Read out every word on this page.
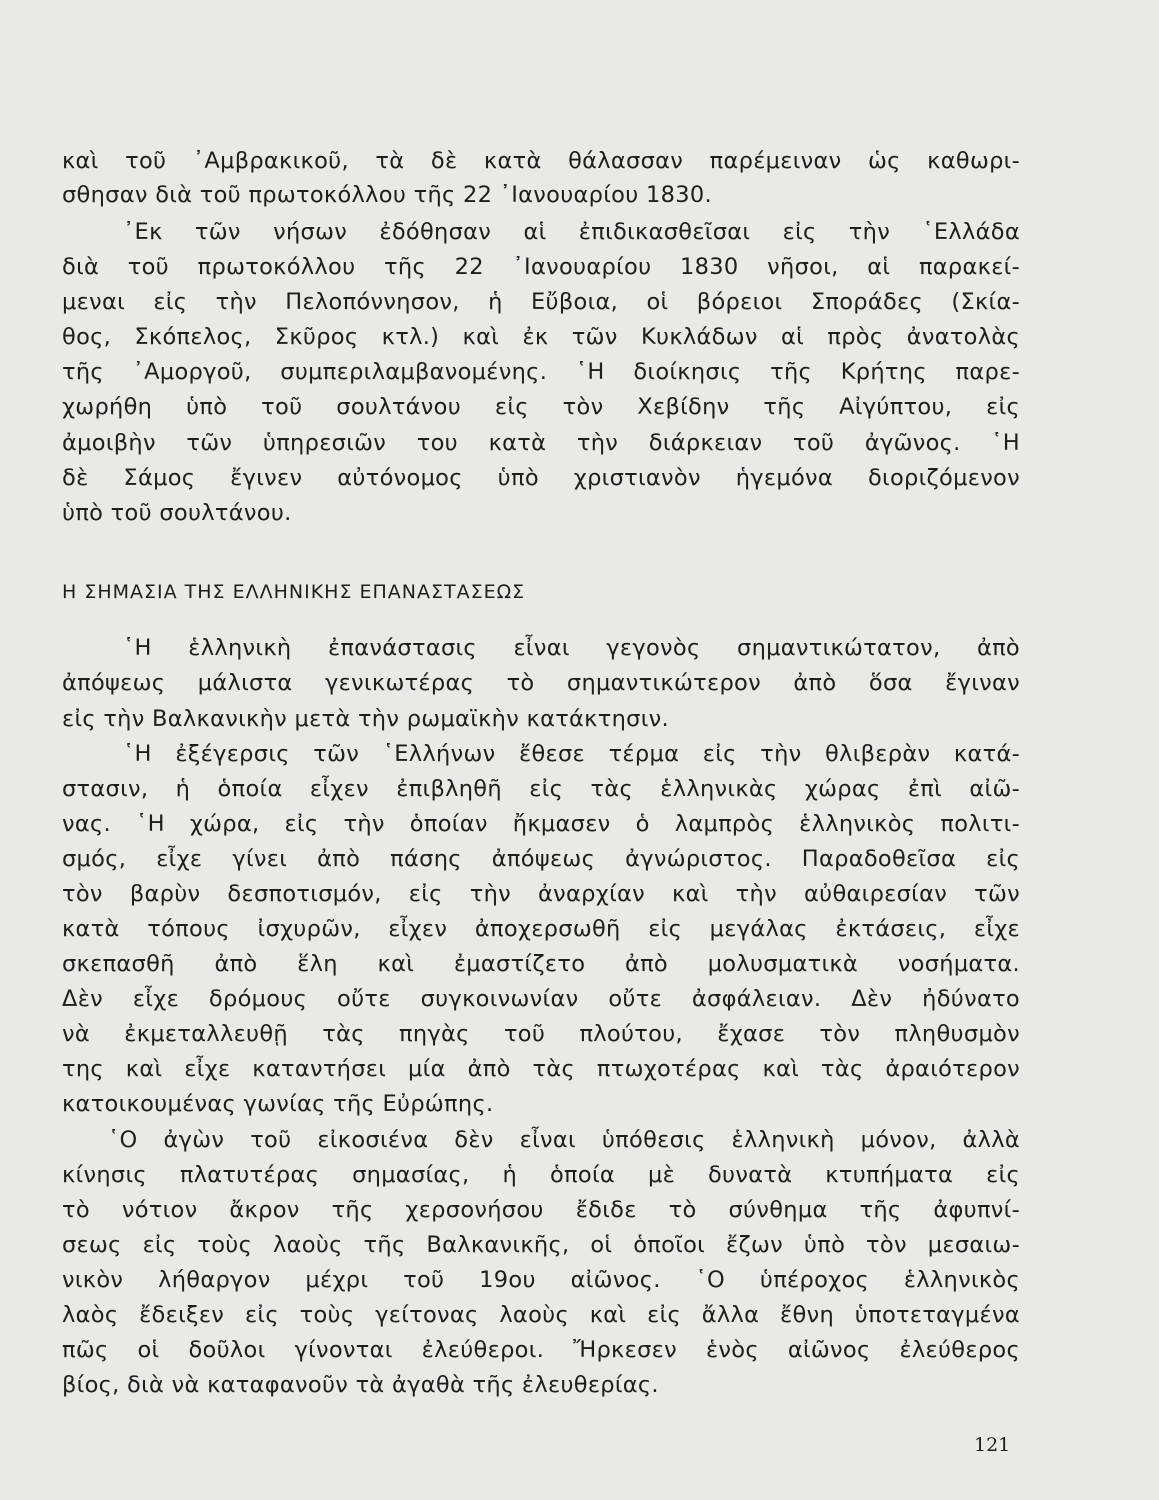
καὶ τοῦ ᾿Αμβρακικοῦ, τὰ δὲ κατὰ θάλασσαν παρέμειναν ὡς καθωρι-
σθησαν διὰ τοῦ πρωτοκόλλου τῆς 22 ᾿Ιανουαρίου 1830.
᾿Εκ τῶν νήσων ἐδόθησαν αἱ ἐπιδικασθεῖσαι εἰς τὴν ῾Ελλάδα
διὰ τοῦ πρωτοκόλλου τῆς 22 ᾿Ιανουαρίου 1830 νῆσοι, αἱ παρακεί-
μεναι εἰς τὴν Πελοπόννησον, ἡ Εὔβοια, οἱ βόρειοι Σποράδες (Σκία-
θος, Σκόπελος, Σκῦρος κτλ.) καὶ ἐκ τῶν Κυκλάδων αἱ πρὸς ἀνατολὰς
τῆς ᾿Αμοργοῦ, συμπεριλαμβανομένης. ῾Η διοίκησις τῆς Κρήτης παρε-
χωρήθη ὑπὸ τοῦ σουλτάνου εἰς τὸν Χεβίδην τῆς Αἰγύπτου, εἰς
ἀμοιβὴν τῶν ὑπηρεσιῶν του κατὰ τὴν διάρκειαν τοῦ ἀγῶνος. ῾Η
δὲ Σάμος ἔγινεν αὐτόνομος ὑπὸ χριστιανὸν ἡγεμόνα διοριζόμενον
ὑπὸ τοῦ σουλτάνου.
Η ΣΗΜΑΣΙΑ ΤΗΣ ΕΛΛΗΝΙΚΗΣ ΕΠΑΝΑΣΤΑΣΕΩΣ
῾Η ἑλληνικὴ ἐπανάστασις εἶναι γεγονὸς σημαντικώτατον, ἀπὸ
ἀπόψεως μάλιστα γενικωτέρας τὸ σημαντικώτερον ἀπὸ ὅσα ἔγιναν
εἰς τὴν Βαλκανικὴν μετὰ τὴν ρωμαϊκὴν κατάκτησιν.
῾Η ἐξέγερσις τῶν ῾Ελλήνων ἔθεσε τέρμα εἰς τὴν θλιβερὰν κατά-
στασιν, ἡ ὁποία εἶχεν ἐπιβληθῆ εἰς τὰς ἑλληνικὰς χώρας ἐπὶ αἰῶ-
νας. ῾Η χώρα, εἰς τὴν ὁποίαν ἤκμασεν ὁ λαμπρὸς ἑλληνικὸς πολιτι-
σμός, εἶχε γίνει ἀπὸ πάσης ἀπόψεως ἀγνώριστος. Παραδοθεῖσα εἰς
τὸν βαρὺν δεσποτισμόν, εἰς τὴν ἀναρχίαν καὶ τὴν αὐθαιρεσίαν τῶν
κατὰ τόπους ἰσχυρῶν, εἶχεν ἀποχερσωθῆ εἰς μεγάλας ἐκτάσεις, εἶχε
σκεπασθῆ ἀπὸ ἕλη καὶ ἐμαστίζετο ἀπὸ μολυσματικὰ νοσήματα.
Δὲν εἶχε δρόμους οὔτε συγκοινωνίαν οὔτε ἀσφάλειαν. Δὲν ἠδύνατο
νὰ ἐκμεταλλευθῇ τὰς πηγὰς τοῦ πλούτου, ἔχασε τὸν πληθυσμὸν
της καὶ εἶχε καταντήσει μία ἀπὸ τὰς πτωχοτέρας καὶ τὰς ἀραιότερον
κατοικουμένας γωνίας τῆς Εὐρώπης.
῾Ο ἀγὼν τοῦ εἰκοσιένα δὲν εἶναι ὑπόθεσις ἑλληνικὴ μόνον, ἀλλὰ
κίνησις πλατυτέρας σημασίας, ἡ ὁποία μὲ δυνατὰ κτυπήματα εἰς
τὸ νότιον ἄκρον τῆς χερσονήσου ἔδιδε τὸ σύνθημα τῆς ἀφυπνί-
σεως εἰς τοὺς λαοὺς τῆς Βαλκανικῆς, οἱ ὁποῖοι ἔζων ὑπὸ τὸν μεσαιω-
νικὸν λήθαργον μέχρι τοῦ 19ου αἰῶνος. ῾Ο ὑπέροχος ἑλληνικὸς
λαὸς ἔδειξεν εἰς τοὺς γείτονας λαοὺς καὶ εἰς ἄλλα ἔθνη ὑποτεταγμένα
πῶς οἱ δοῦλοι γίνονται ἐλεύθεροι. Ἤρκεσεν ἑνὸς αἰῶνος ἐλεύθερος
βίος, διὰ νὰ καταφανοῦν τὰ ἀγαθὰ τῆς ἐλευθερίας.
121
